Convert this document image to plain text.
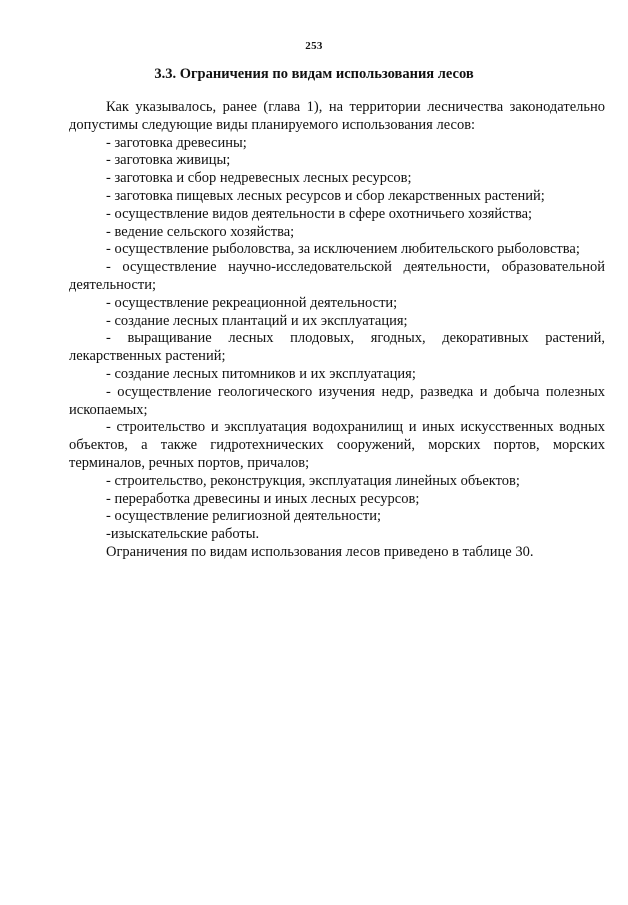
253
3.3. Ограничения по видам использования лесов

Как указывалось, ранее (глава 1), на территории лесничества законодательно допустимы следующие виды планируемого использования лесов:

- заготовка древесины;

- заготовка живицы;

- заготовка и сбор недревесных лесных ресурсов;

- заготовка пищевых лесных ресурсов и сбор лекарственных растений;

- осуществление видов деятельности в сфере охотничьего хозяйства;

- ведение сельского хозяйства;

- осуществление рыболовства, за исключением любительского рыболовства;

- осуществление научно-исследовательской деятельности, образовательной деятельности;

- осуществление рекреационной деятельности;

- создание лесных плантаций и их эксплуатация;

- выращивание лесных плодовых, ягодных, декоративных растений, лекарственных растений;

- создание лесных питомников и их эксплуатация;

- осуществление геологического изучения недр, разведка и добыча полезных ископаемых;

- строительство и эксплуатация водохранилищ и иных искусственных водных объектов, а также гидротехнических сооружений, морских портов, морских терминалов, речных портов, причалов;

- строительство, реконструкция, эксплуатация линейных объектов;

- переработка древесины и иных лесных ресурсов;

- осуществление религиозной деятельности;

-изыскательские работы.

Ограничения по видам использования лесов приведено в таблице 30.
